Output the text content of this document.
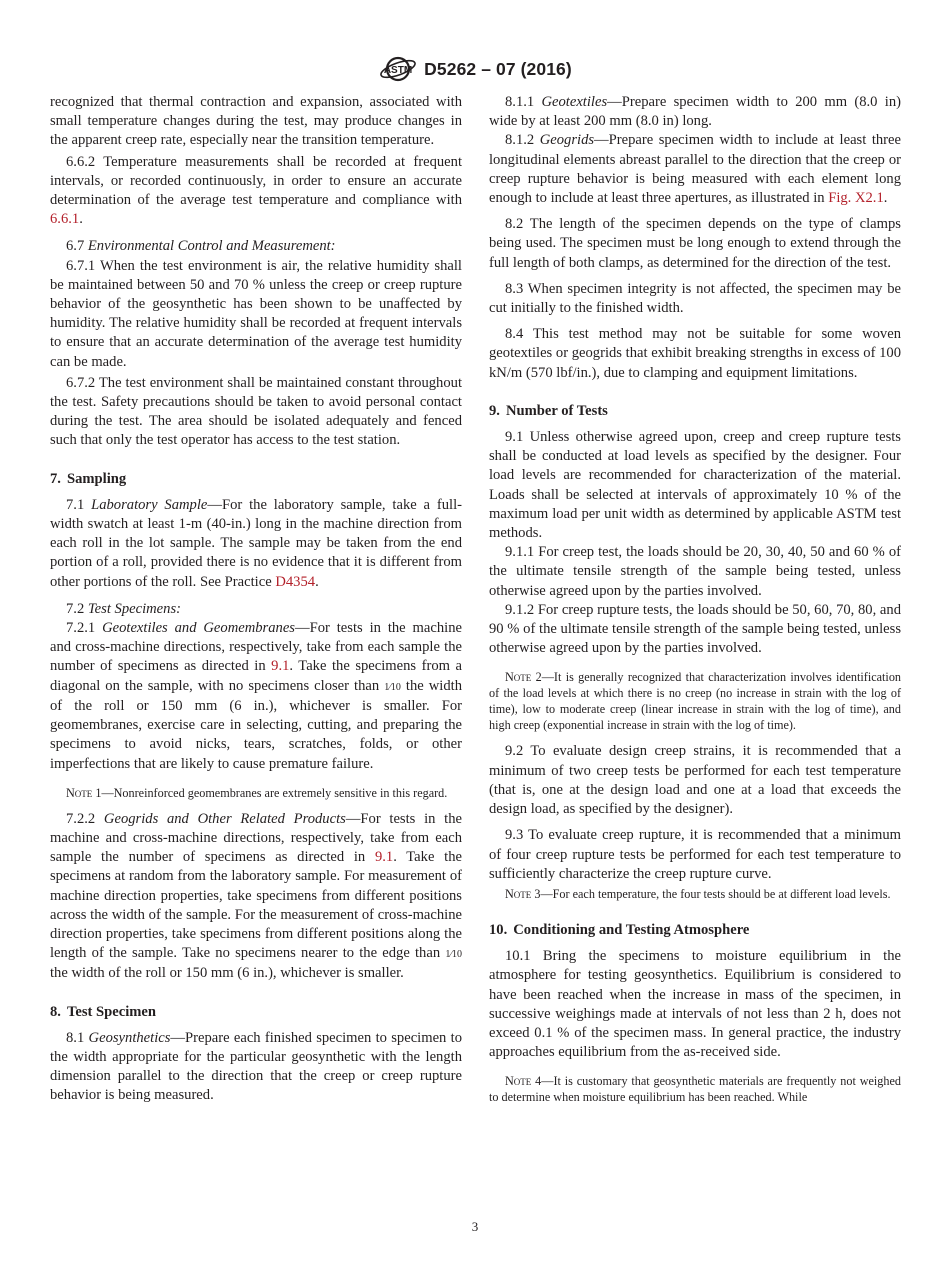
ASTM D5262 – 07 (2016)

recognized that thermal contraction and expansion, associated with small temperature changes during the test, may produce changes in the apparent creep rate, especially near the transition temperature.

6.6.2 Temperature measurements shall be recorded at frequent intervals, or recorded continuously, in order to ensure an accurate determination of the average test temperature and compliance with 6.6.1.

6.7 Environmental Control and Measurement:

6.7.1 When the test environment is air, the relative humidity shall be maintained between 50 and 70 % unless the creep or creep rupture behavior of the geosynthetic has been shown to be unaffected by humidity. The relative humidity shall be recorded at frequent intervals to ensure that an accurate determination of the average test humidity can be made.

6.7.2 The test environment shall be maintained constant throughout the test. Safety precautions should be taken to avoid personal contact during the test. The area should be isolated adequately and fenced such that only the test operator has access to the test station.

7. Sampling

7.1 Laboratory Sample—For the laboratory sample, take a full-width swatch at least 1-m (40-in.) long in the machine direction from each roll in the lot sample. The sample may be taken from the end portion of a roll, provided there is no evidence that it is different from other portions of the roll. See Practice D4354.

7.2 Test Specimens:

7.2.1 Geotextiles and Geomembranes—For tests in the machine and cross-machine directions, respectively, take from each sample the number of specimens as directed in 9.1. Take the specimens from a diagonal on the sample, with no specimens closer than 1⁄10 the width of the roll or 150 mm (6 in.), whichever is smaller. For geomembranes, exercise care in selecting, cutting, and preparing the specimens to avoid nicks, tears, scratches, folds, or other imperfections that are likely to cause premature failure.

Note 1—Nonreinforced geomembranes are extremely sensitive in this regard.

7.2.2 Geogrids and Other Related Products—For tests in the machine and cross-machine directions, respectively, take from each sample the number of specimens as directed in 9.1. Take the specimens at random from the laboratory sample. For measurement of machine direction properties, take specimens from different positions across the width of the sample. For the measurement of cross-machine direction properties, take specimens from different positions along the length of the sample. Take no specimens nearer to the edge than 1⁄10 the width of the roll or 150 mm (6 in.), whichever is smaller.

8. Test Specimen

8.1 Geosynthetics—Prepare each finished specimen to specimen to the width appropriate for the particular geosynthetic with the length dimension parallel to the direction that the creep or creep rupture behavior is being measured.

8.1.1 Geotextiles—Prepare specimen width to 200 mm (8.0 in) wide by at least 200 mm (8.0 in) long.

8.1.2 Geogrids—Prepare specimen width to include at least three longitudinal elements abreast parallel to the direction that the creep or creep rupture behavior is being measured with each element long enough to include at least three apertures, as illustrated in Fig. X2.1.

8.2 The length of the specimen depends on the type of clamps being used. The specimen must be long enough to extend through the full length of both clamps, as determined for the direction of the test.

8.3 When specimen integrity is not affected, the specimen may be cut initially to the finished width.

8.4 This test method may not be suitable for some woven geotextiles or geogrids that exhibit breaking strengths in excess of 100 kN/m (570 lbf/in.), due to clamping and equipment limitations.

9. Number of Tests

9.1 Unless otherwise agreed upon, creep and creep rupture tests shall be conducted at load levels as specified by the designer. Four load levels are recommended for characterization of the material. Loads shall be selected at intervals of approximately 10 % of the maximum load per unit width as determined by applicable ASTM test methods.

9.1.1 For creep test, the loads should be 20, 30, 40, 50 and 60 % of the ultimate tensile strength of the sample being tested, unless otherwise agreed upon by the parties involved.

9.1.2 For creep rupture tests, the loads should be 50, 60, 70, 80, and 90 % of the ultimate tensile strength of the sample being tested, unless otherwise agreed upon by the parties involved.

Note 2—It is generally recognized that characterization involves identification of the load levels at which there is no creep (no increase in strain with the log of time), low to moderate creep (linear increase in strain with the log of time), and high creep (exponential increase in strain with the log of time).

9.2 To evaluate design creep strains, it is recommended that a minimum of two creep tests be performed for each test temperature (that is, one at the design load and one at a load that exceeds the design load, as specified by the designer).

9.3 To evaluate creep rupture, it is recommended that a minimum of four creep rupture tests be performed for each test temperature to sufficiently characterize the creep rupture curve.

Note 3—For each temperature, the four tests should be at different load levels.

10. Conditioning and Testing Atmosphere

10.1 Bring the specimens to moisture equilibrium in the atmosphere for testing geosynthetics. Equilibrium is considered to have been reached when the increase in mass of the specimen, in successive weighings made at intervals of not less than 2 h, does not exceed 0.1 % of the specimen mass. In general practice, the industry approaches equilibrium from the as-received side.

Note 4—It is customary that geosynthetic materials are frequently not weighed to determine when moisture equilibrium has been reached. While

3
